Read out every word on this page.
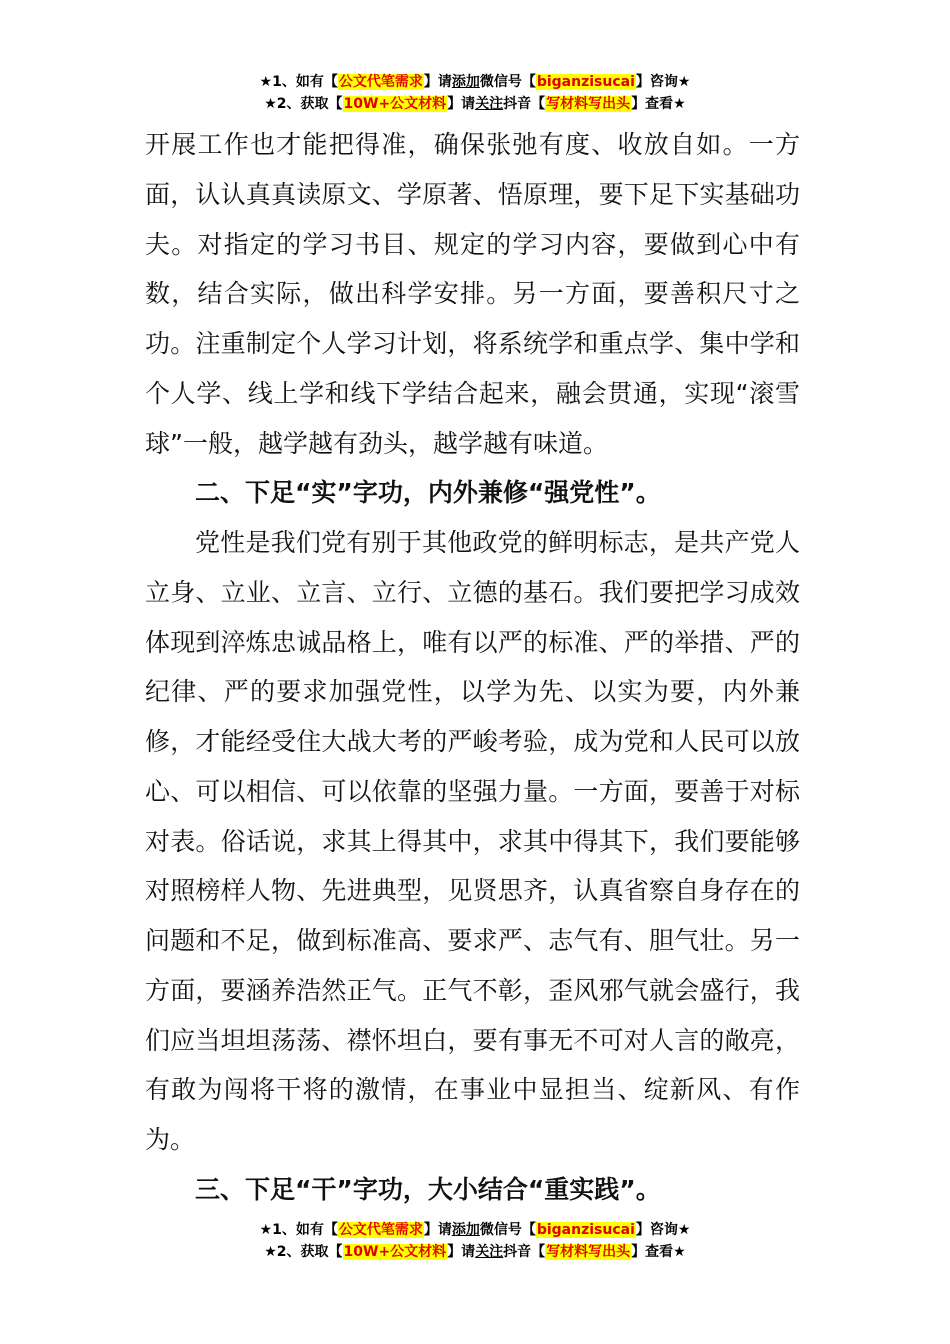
★1、如有【公文代笔需求】请添加微信号【biganzisucai】咨询★
★2、获取【10W+公文材料】请关注抖音【写材料写出头】查看★

开展工作也才能把得准，确保张弛有度、收放自如。一方面，认认真真读原文、学原著、悟原理，要下足下实基础功夫。对指定的学习书目、规定的学习内容，要做到心中有数，结合实际，做出科学安排。另一方面，要善积尺寸之功。注重制定个人学习计划，将系统学和重点学、集中学和个人学、线上学和线下学结合起来，融会贯通，实现“滚雪球”一般，越学越有劲头，越学越有味道。

二、下足“实”字功，内外兼修“强党性”。

党性是我们党有别于其他政党的鲜明标志，是共产党人立身、立业、立言、立行、立德的基石。我们要把学习成效体现到淬炼忠诚品格上，唯有以严的标准、严的举措、严的纪律、严的要求加强党性，以学为先、以实为要，内外兼修，才能经受住大战大考的严峻考验，成为党和人民可以放心、可以相信、可以依靠的坚强力量。一方面，要善于对标对表。俗话说，求其上得其中，求其中得其下，我们要能够对照榜样人物、先进典型，见贤思齐，认真省察自身存在的问题和不足，做到标准高、要求严、志气有、胆气壮。另一方面，要涵养浩然正气。正气不彰，歪风邪气就会盛行，我们应当坦坦荡荡、襟怀坦白，要有事无不可对人言的敞亮，有敢为闯将干将的激情，在事业中显担当、绽新风、有作为。

三、下足“干”字功，大小结合“重实践”。
★1、如有【公文代笔需求】请添加微信号【biganzisucai】咨询★
★2、获取【10W+公文材料】请关注抖音【写材料写出头】查看★
